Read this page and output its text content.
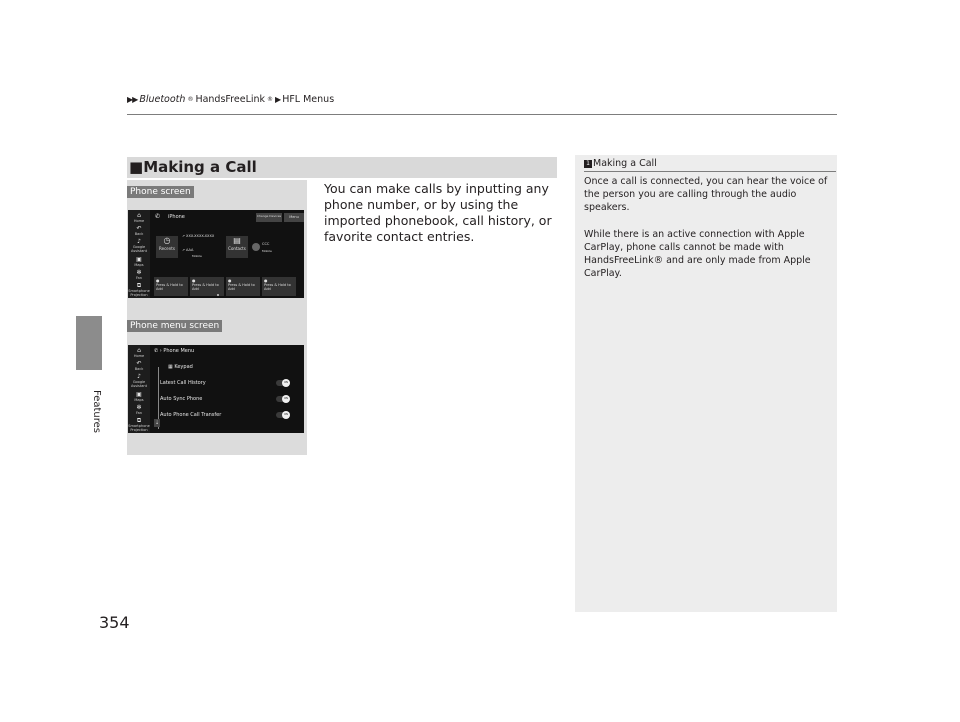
▶▶ Bluetooth ® HandsFreeLink ® ▶ HFL Menus
Features
354
■Making a Call
Phone screen
Phone menu screen
⌂
Home
↶
Back
♪
Google Assistant
▣
Maps
✻
Fan
⧉
Smartphone Projection
✆ iPhone	Change Devices	Menu
◷
Recents
↗ XXX-XXXX-XXXX
↗ AAA
Mobile
▤
Contacts
CCC
Mobile
●
Press & Hold to Add
●
Press & Hold to Add
●
Press & Hold to Add
●
Press & Hold to Add
⌂
Home
↶
Back
♪
Google Assistant
▣
Maps
✻
Fan
⧉
Smartphone Projection
✆ › Phone Menu
▦ Keypad
Latest Call History	ON
Auto Sync Phone	ON
Auto Phone Call Transfer	ON
⇣
You can make calls by inputting any phone number, or by using the imported phonebook, call history, or favorite contact entries.
1 Making a Call
Once a call is connected, you can hear the voice of the person you are calling through the audio speakers.
While there is an active connection with Apple CarPlay, phone calls cannot be made with HandsFreeLink® and are only made from Apple CarPlay.
